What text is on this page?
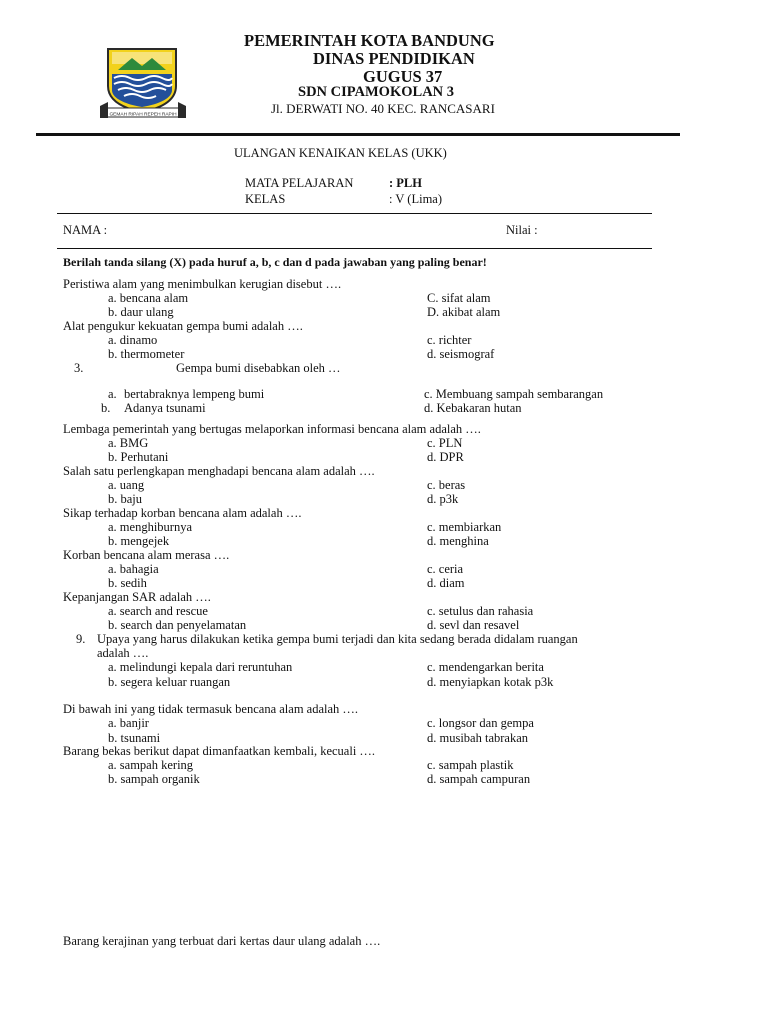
GEMAH RIPAH REPEH RAPIH
PEMERINTAH KOTA BANDUNG
DINAS PENDIDIKAN
GUGUS 37
SDN CIPAMOKOLAN 3
Jl. DERWATI NO. 40 KEC. RANCASARI
ULANGAN KENAIKAN KELAS (UKK)
MATA PELAJARAN	: PLH
KELAS	: V (Lima)
NAMA :	Nilai :
Berilah tanda silang (X) pada huruf a, b, c dan d pada jawaban yang paling benar!
Peristiwa alam yang menimbulkan kerugian disebut ….
a. bencana alam	C. sifat alam
b. daur ulang	D. akibat alam
Alat pengukur kekuatan gempa bumi adalah ….
a. dinamo	c. richter
b. thermometer	d. seismograf
3.	Gempa bumi disebabkan oleh …
a. bertabraknya lempeng bumi	c. Membuang sampah sembarangan
b. Adanya tsunami	d. Kebakaran hutan
Lembaga pemerintah yang bertugas melaporkan informasi bencana alam adalah ….
a. BMG	c. PLN
b. Perhutani	d. DPR
Salah satu perlengkapan menghadapi bencana alam adalah ….
a. uang	c. beras
b. baju	d. p3k
Sikap terhadap korban bencana alam adalah ….
a. menghiburnya	c. membiarkan
b. mengejek	d. menghina
Korban bencana alam merasa ….
a. bahagia	c. ceria
b. sedih	d. diam
Kepanjangan SAR adalah ….
a. search and rescue	c. setulus dan rahasia
b. search dan penyelamatan	d. sevl dan resavel
9. Upaya yang harus dilakukan ketika gempa bumi terjadi dan kita sedang berada didalam ruangan
adalah ….
a. melindungi kepala dari reruntuhan	c. mendengarkan berita
b. segera keluar ruangan	d. menyiapkan kotak p3k
Di bawah ini yang tidak termasuk bencana alam adalah ….
a. banjir	c. longsor dan gempa
b. tsunami	d. musibah tabrakan
Barang bekas berikut dapat dimanfaatkan kembali, kecuali ….
a. sampah kering	c. sampah plastik
b. sampah organik	d. sampah campuran
Barang kerajinan yang terbuat dari kertas daur ulang adalah ….
